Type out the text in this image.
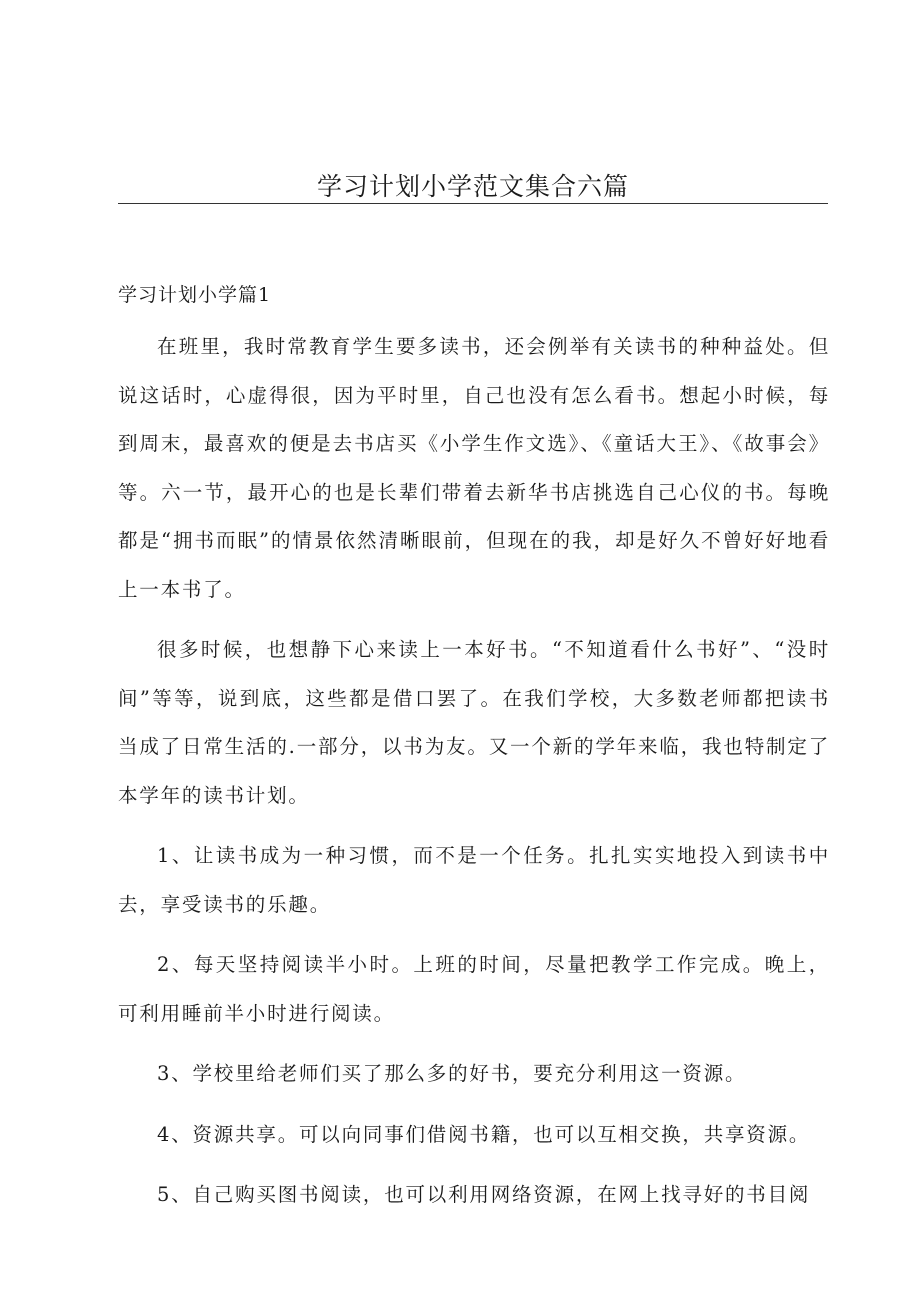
学习计划小学范文集合六篇
学习计划小学篇1

在班里，我时常教育学生要多读书，还会例举有关读书的种种益处。但说这话时，心虚得很，因为平时里，自己也没有怎么看书。想起小时候，每到周末，最喜欢的便是去书店买《小学生作文选》、《童话大王》、《故事会》等。六一节，最开心的也是长辈们带着去新华书店挑选自己心仪的书。每晚都是“拥书而眠”的情景依然清晰眼前，但现在的我，却是好久不曾好好地看上一本书了。

很多时候，也想静下心来读上一本好书。“不知道看什么书好”、“没时间”等等，说到底，这些都是借口罢了。在我们学校，大多数老师都把读书当成了日常生活的.一部分，以书为友。又一个新的学年来临，我也特制定了本学年的读书计划。

1、让读书成为一种习惯，而不是一个任务。扎扎实实地投入到读书中去，享受读书的乐趣。

2、每天坚持阅读半小时。上班的时间，尽量把教学工作完成。晚上，可利用睡前半小时进行阅读。

3、学校里给老师们买了那么多的好书，要充分利用这一资源。

4、资源共享。可以向同事们借阅书籍，也可以互相交换，共享资源。

5、自己购买图书阅读，也可以利用网络资源，在网上找寻好的书目阅
